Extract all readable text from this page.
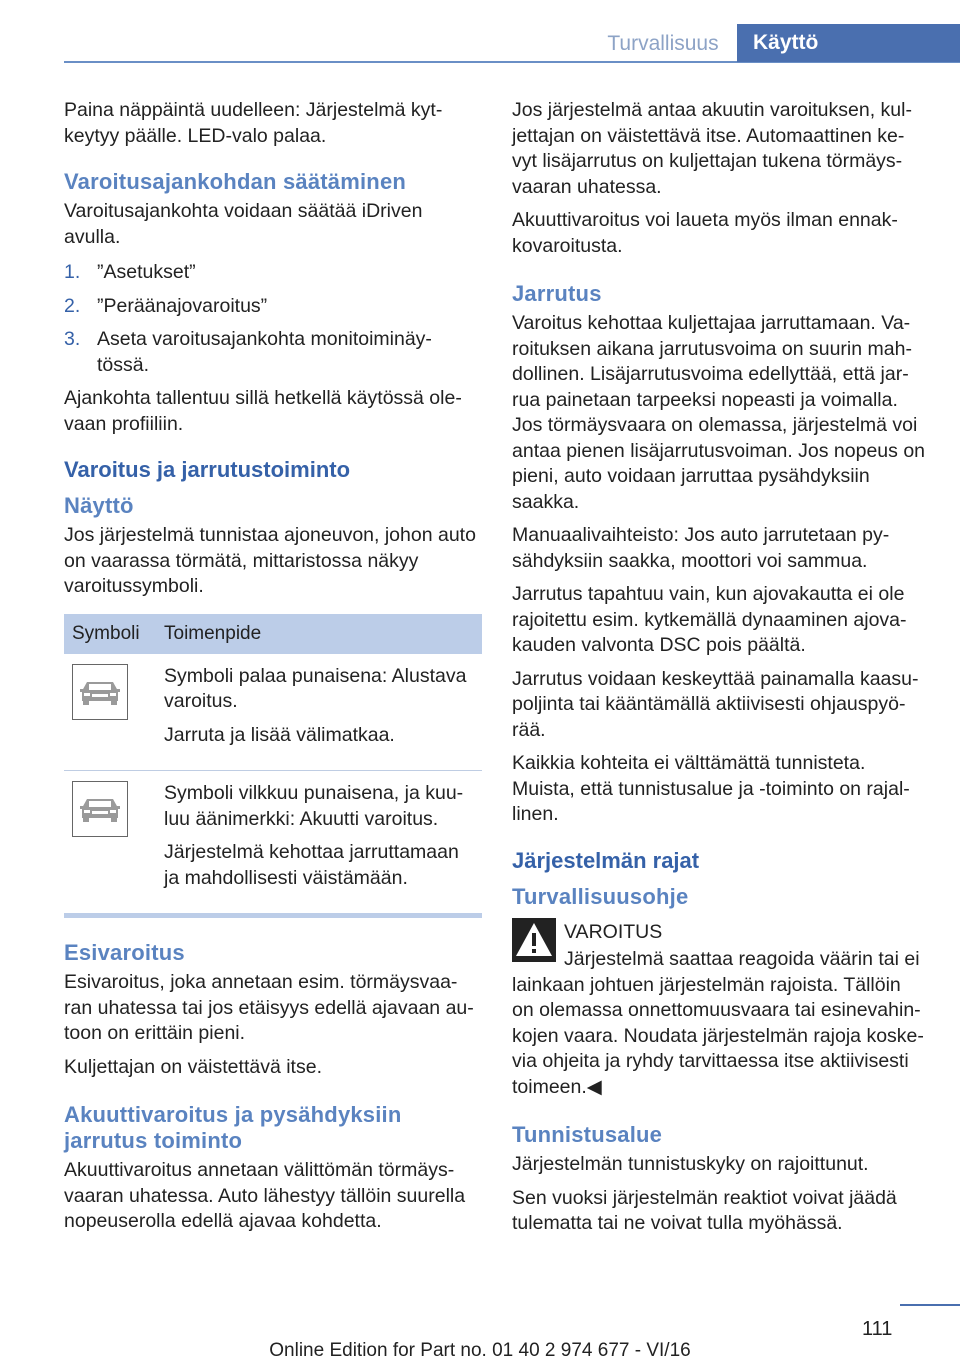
Turvallisuus	Käyttö

Paina näppäintä uudelleen: Järjestelmä kyt- keytyy päälle. LED-valo palaa.

Varoitusajankohdan säätäminen

Varoitusajankohta voidaan säätää iDriven avulla.

1. ”Asetukset”
2. ”Peräänajovaroitus”
3. Aseta varoitusajankohta monitoiminäy- tössä.

Ajankohta tallentuu sillä hetkellä käytössä ole- vaan profiiliin.

Varoitus ja jarrutustoiminto
Näyttö

Jos järjestelmä tunnistaa ajoneuvon, johon auto on vaarassa törmätä, mittaristossa näkyy varoitussymboli.

Symboli	Toimenpide

Symboli palaa punaisena: Alustava varoitus.

Jarruta ja lisää välimatkaa.

Symboli vilkkuu punaisena, ja kuu- luu äänimerkki: Akuutti varoitus.

Järjestelmä kehottaa jarruttamaan ja mahdollisesti väistämään.

Esivaroitus

Esivaroitus, joka annetaan esim. törmäysvaa- ran uhatessa tai jos etäisyys edellä ajavaan au- toon on erittäin pieni.

Kuljettajan on väistettävä itse.

Akuuttivaroitus ja pysähdyksiin jarrutus toiminto

Akuuttivaroitus annetaan välittömän törmäys- vaaran uhatessa. Auto lähestyy tällöin suurella nopeuserolla edellä ajavaa kohdetta.

Jos järjestelmä antaa akuutin varoituksen, kul- jettajan on väistettävä itse. Automaattinen ke- vyt lisäjarrutus on kuljettajan tukena törmäys- vaaran uhatessa.

Akuuttivaroitus voi laueta myös ilman ennak- kovaroitusta.

Jarrutus

Varoitus kehottaa kuljettajaa jarruttamaan. Va- roituksen aikana jarrutusvoima on suurin mah- dollinen. Lisäjarrutusvoima edellyttää, että jar- rua painetaan tarpeeksi nopeasti ja voimalla. Jos törmäysvaara on olemassa, järjestelmä voi antaa pienen lisäjarrutusvoiman. Jos nopeus on pieni, auto voidaan jarruttaa pysähdyksiin saakka.

Manuaalivaihteisto: Jos auto jarrutetaan py- sähdyksiin saakka, moottori voi sammua.

Jarrutus tapahtuu vain, kun ajovakautta ei ole rajoitettu esim. kytkemällä dynaaminen ajova- kauden valvonta DSC pois päältä.

Jarrutus voidaan keskeyttää painamalla kaasu- poljinta tai kääntämällä aktiivisesti ohjauspyö- rää.

Kaikkia kohteita ei välttämättä tunnisteta. Muista, että tunnistusalue ja -toiminto on rajal- linen.

Järjestelmän rajat
Turvallisuusohje
VAROITUS
Järjestelmä saattaa reagoida väärin tai ei

lainkaan johtuen järjestelmän rajoista. Tällöin on olemassa onnettomuusvaara tai esinevahin- kojen vaara. Noudata järjestelmän rajoja koske- via ohjeita ja ryhdy tarvittaessa itse aktiivisesti toimeen.◀

Tunnistusalue

Järjestelmän tunnistuskyky on rajoittunut.

Sen vuoksi järjestelmän reaktiot voivat jäädä tulematta tai ne voivat tulla myöhässä.

111
Online Edition for Part no. 01 40 2 974 677 - VI/16
